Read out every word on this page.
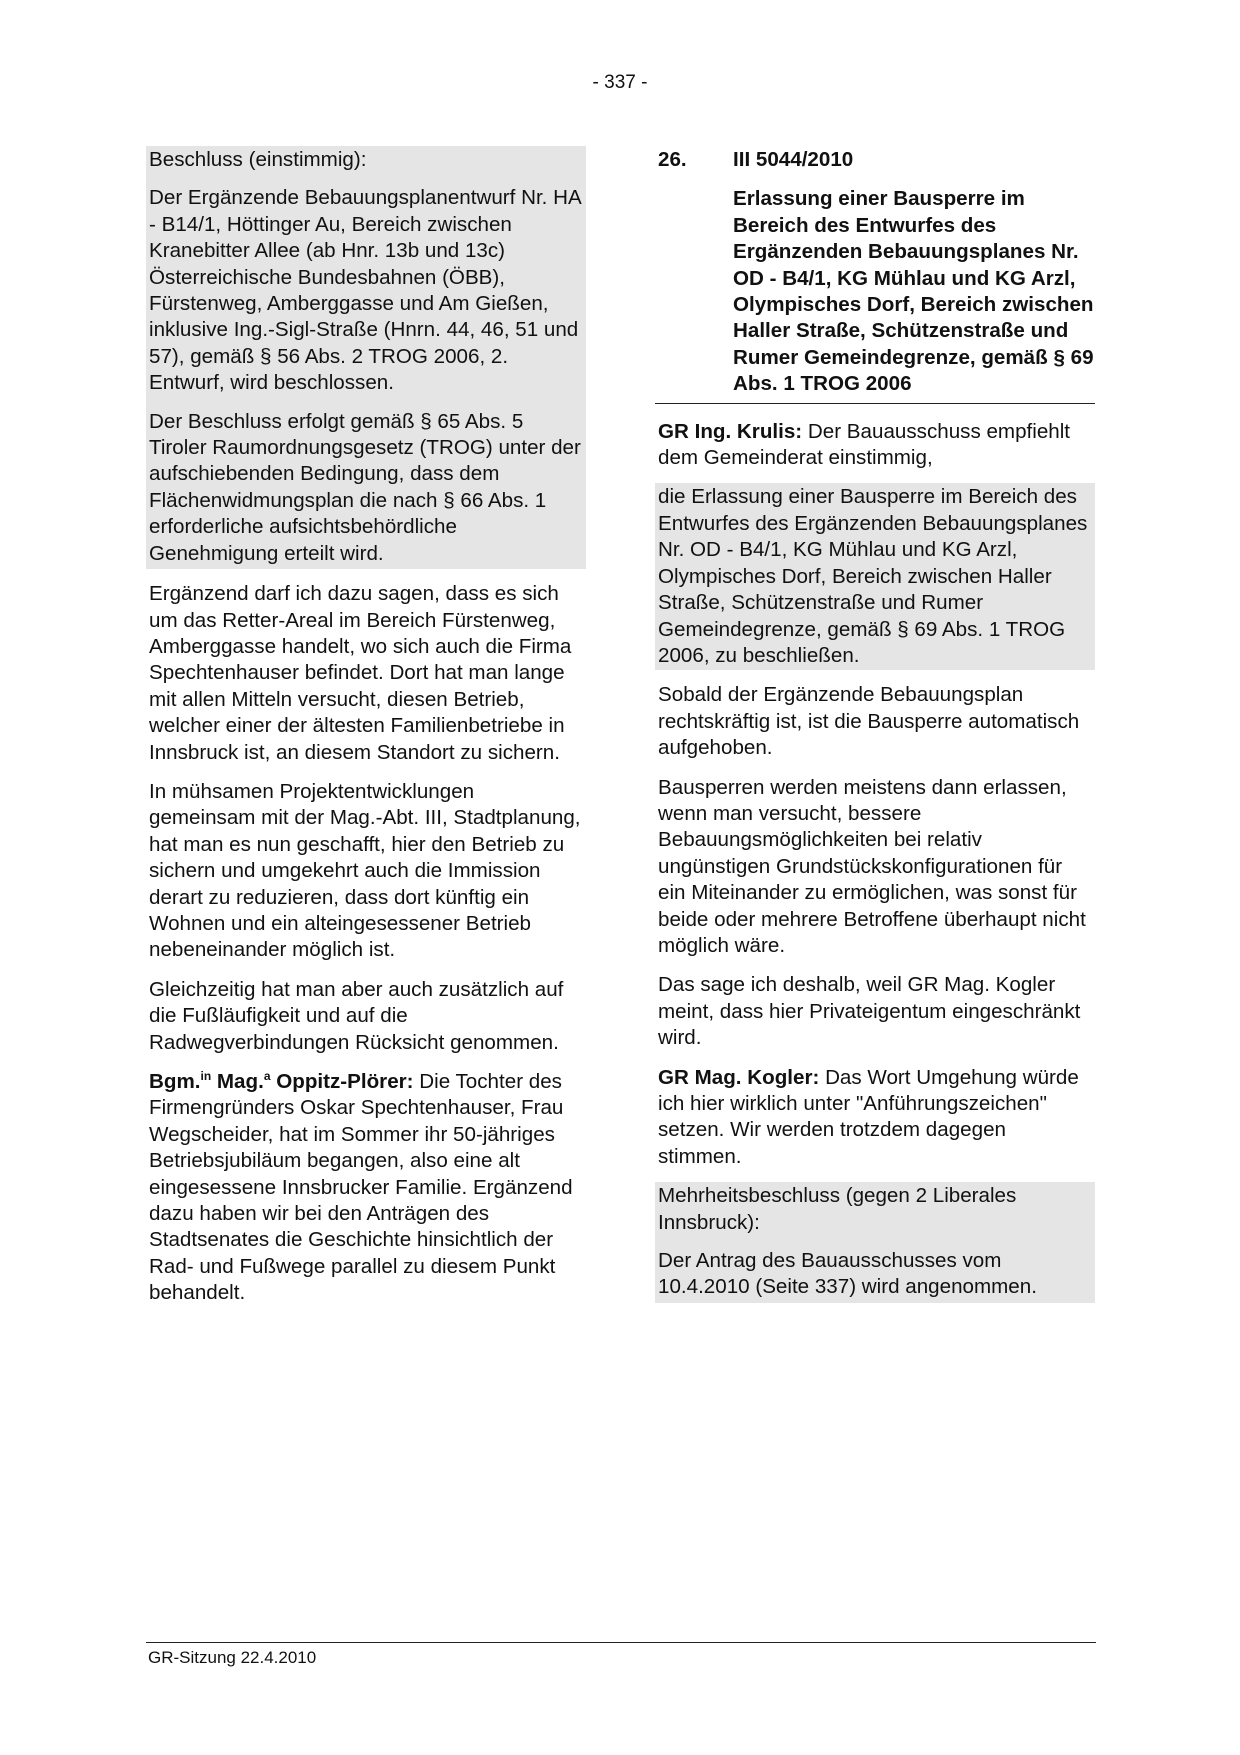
- 337 -

Beschluss (einstimmig):

Der Ergänzende Bebauungsplanentwurf Nr. HA - B14/1, Höttinger Au, Bereich zwischen Kranebitter Allee (ab Hnr. 13b und 13c) Österreichische Bundesbahnen (ÖBB), Fürstenweg, Amberggasse und Am Gießen, inklusive Ing.-Sigl-Straße (Hnrn. 44, 46, 51 und 57), gemäß § 56 Abs. 2 TROG 2006, 2. Entwurf, wird beschlossen.

Der Beschluss erfolgt gemäß § 65 Abs. 5 Tiroler Raumordnungsgesetz (TROG) unter der aufschiebenden Bedingung, dass dem Flächenwidmungsplan die nach § 66 Abs. 1 erforderliche aufsichtsbehördliche Genehmigung erteilt wird.

Ergänzend darf ich dazu sagen, dass es sich um das Retter-Areal im Bereich Fürstenweg, Amberggasse handelt, wo sich auch die Firma Spechtenhauser befindet. Dort hat man lange mit allen Mitteln versucht, diesen Betrieb, welcher einer der ältesten Familienbetriebe in Innsbruck ist, an diesem Standort zu sichern.

In mühsamen Projektentwicklungen gemeinsam mit der Mag.-Abt. III, Stadtplanung, hat man es nun geschafft, hier den Betrieb zu sichern und umgekehrt auch die Immission derart zu reduzieren, dass dort künftig ein Wohnen und ein alteingesessener Betrieb nebeneinander möglich ist.

Gleichzeitig hat man aber auch zusätzlich auf die Fußläufigkeit und auf die Radwegverbindungen Rücksicht genommen.

Bgm.$^{in}$ Mag.$^a$ Oppitz-Plörer: Die Tochter des Firmengründers Oskar Spechtenhauser, Frau Wegscheider, hat im Sommer ihr 50-jähriges Betriebsjubiläum begangen, also eine alt eingesessene Innsbrucker Familie. Ergänzend dazu haben wir bei den Anträgen des Stadtsenates die Geschichte hinsichtlich der Rad- und Fußwege parallel zu diesem Punkt behandelt.

26.	III 5044/2010

Erlassung einer Bausperre im Bereich des Entwurfes des Ergänzenden Bebauungsplanes Nr. OD - B4/1, KG Mühlau und KG Arzl, Olympisches Dorf, Bereich zwischen Haller Straße, Schützenstraße und Rumer Gemeindegrenze, gemäß § 69 Abs. 1 TROG 2006

GR Ing. Krulis: Der Bauausschuss empfiehlt dem Gemeinderat einstimmig,

die Erlassung einer Bausperre im Bereich des Entwurfes des Ergänzenden Bebauungsplanes Nr. OD - B4/1, KG Mühlau und KG Arzl, Olympisches Dorf, Bereich zwischen Haller Straße, Schützenstraße und Rumer Gemeindegrenze, gemäß § 69 Abs. 1 TROG 2006, zu beschließen.

Sobald der Ergänzende Bebauungsplan rechtskräftig ist, ist die Bausperre automatisch aufgehoben.

Bausperren werden meistens dann erlassen, wenn man versucht, bessere Bebauungsmöglichkeiten bei relativ ungünstigen Grundstückskonfigurationen für ein Miteinander zu ermöglichen, was sonst für beide oder mehrere Betroffene überhaupt nicht möglich wäre.

Das sage ich deshalb, weil GR Mag. Kogler meint, dass hier Privateigentum eingeschränkt wird.

GR Mag. Kogler: Das Wort Umgehung würde ich hier wirklich unter "Anführungszeichen" setzen. Wir werden trotzdem dagegen stimmen.

Mehrheitsbeschluss (gegen 2 Liberales Innsbruck):

Der Antrag des Bauausschusses vom 10.4.2010 (Seite 337) wird angenommen.

GR-Sitzung 22.4.2010
